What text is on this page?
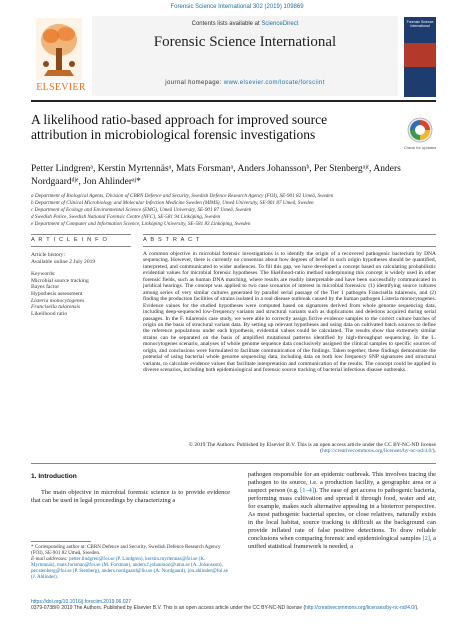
Forensic Science International 302 (2019) 109869
ELSEVIER
Contents lists available at ScienceDirect
Forensic Science International
journal homepage: www.elsevier.com/locate/forsciint
Forensic Science International
A likelihood ratio-based approach for improved source attribution in microbiological forensic investigations
Check for updates
Petter Lindgrenᵃ, Kerstin Myrtennäsᵃ, Mats Forsmanᵃ, Anders Johanssonᵇ, Per Stenbergᵃʲᶜ, Anders Nordgaardᵈʲᵉ, Jon Ahlinderᵃʲ*
a Department of Biological Agents, Division of CBRN Defence and Security, Swedish Defence Research Agency (FOI), SE-901 82 Umeå, Sweden
b Department of Clinical Microbiology and Molecular Infection Medicine Sweden (MIMS), Umeå University, SE-901 87 Umeå, Sweden
c Department of Ecology and Environmental Science (EMG), Umeå University, SE-901 87 Umeå, Sweden
d Swedish Police, Swedish National Forensic Centre (NFC), SE-581 94 Linköping, Sweden
e Department of Computer and Information Science, Linköping University, SE-581 83 Linköping, Sweden
A R T I C L E I N F O	A B S T R A C T
Article history:
Available online 2 July 2019
Keywords:
Microbial source tracking
Bayes factor
Hypothesis assessment
Listeria monocytogenes
Francisella tularensis
Likelihood ratio
A common objective in microbial forensic investigations is to identify the origin of a recovered pathogenic bacterium by DNA sequencing. However, there is currently no consensus about how degrees of belief in such origin hypotheses should be quantified, interpreted, and communicated to wider audiences. To fill this gap, we have developed a concept based on calculating probabilistic evidential values for microbial forensic hypotheses. The likelihood-ratio method underpinning this concept is widely used in other forensic fields, such as human DNA matching, where results are readily interpretable and have been successfully communicated in juridical hearings. The concept was applied to two case scenarios of interest in microbial forensics: (1) identifying source cultures among series of very similar cultures generated by parallel serial passage of the Tier 1 pathogen Francisella tularensis, and (2) finding the production facilities of strains isolated in a real disease outbreak caused by the human pathogen Listeria monocytogenes. Evidence values for the studied hypotheses were computed based on signatures derived from whole genome sequencing data, including deep-sequenced low-frequency variants and structural variants such as duplications and deletions acquired during serial passages. In the F. tularensis case study, we were able to correctly assign fictive evidence samples to the correct culture batches of origin on the basis of structural variant data. By setting up relevant hypotheses and using data on cultivated batch sources to define the reference populations under each hypothesis, evidential values could be calculated. The results show that extremely similar strains can be separated on the basis of amplified mutational patterns identified by high-throughput sequencing. In the L. monocytogenes scenario, analyses of whole genome sequence data conclusively assigned the clinical samples to specific sources of origin, and conclusions were formulated to facilitate communication of the findings. Taken together, these findings demonstrate the potential of using bacterial whole genome sequencing data, including data on both low frequency SNP signatures and structural variants, to calculate evidence values that facilitate interpretation and communication of the results. The concept could be applied in diverse scenarios, including both epidemiological and forensic source tracking of bacterial infectious disease outbreaks.
© 2019 The Authors. Published by Elsevier B.V. This is an open access article under the CC BY-NC-ND license (http://creativecommons.org/licenses/by-nc-nd/4.0/).
1. Introduction
The main objective in microbial forensic science is to provide evidence that can be used in legal proceedings by characterizing a
pathogen responsible for an epidemic outbreak. This involves tracing the pathogen to its source, i.e. a production facility, a geographic area or a suspect person (e.g. [1–4]). The ease of get access to pathogenic bacteria, performing mass cultivation and spread it through food, water and air, for example, makes such alternative appealing in a bioterror perspective. As most pathogenic bacterial species, or close relatives, naturally exists in the local habitat, source tracking is difficult as the background can provide inflated rate of false positive detections. To draw reliable conclusions when comparing forensic and epidemiological samples [2], a unified statistical framework is needed, a
* Corresponding author at: CBRN Defence and Security, Swedish Defence Research Agency (FOI), SE-901 82 Umeå, Sweden.
E-mail addresses: petter.lindgren@foi.se (P. Lindgren), kerstin.myrtennas@foi.se (K. Myrtennäs), mats.forsman@foi.se (M. Forsman), anders.f.johansson@umu.se (A. Johansson), per.stenberg@foi.se (P. Stenberg), anders.nordgaard@liu.se (A. Nordgaard), jon.ahlinder@foi.se (J. Ahlinder).
https://doi.org/10.1016/j.forsciint.2019.06.027
0379-0738/© 2019 The Authors. Published by Elsevier B.V. This is an open access article under the CC BY-NC-ND license (http://creativecommons.org/licenses/by-nc-nd/4.0/).
